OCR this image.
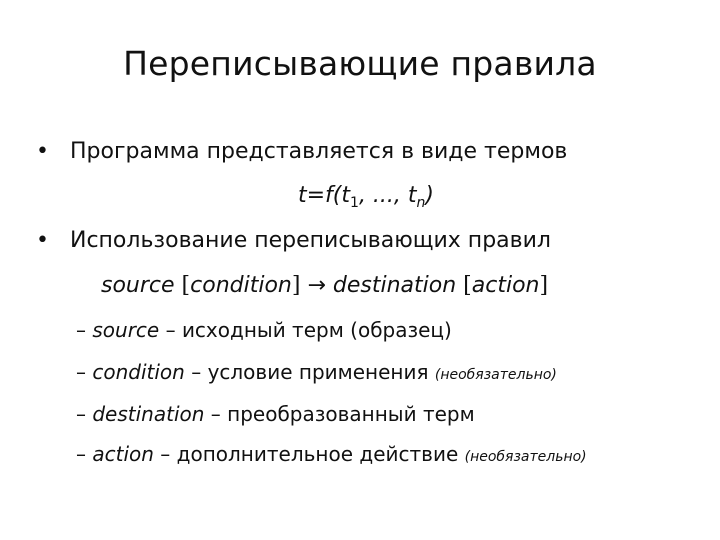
Переписывающие правила
• Программа представляется в виде термов
$t=f(t_1$, ..., $t_n$)
• Использование переписывающих правил
source [condition] → destination [action]
– source – исходный терм (образец)
– condition – условие применения (необязательно)
– destination – преобразованный терм
– action – дополнительное действие (необязательно)
